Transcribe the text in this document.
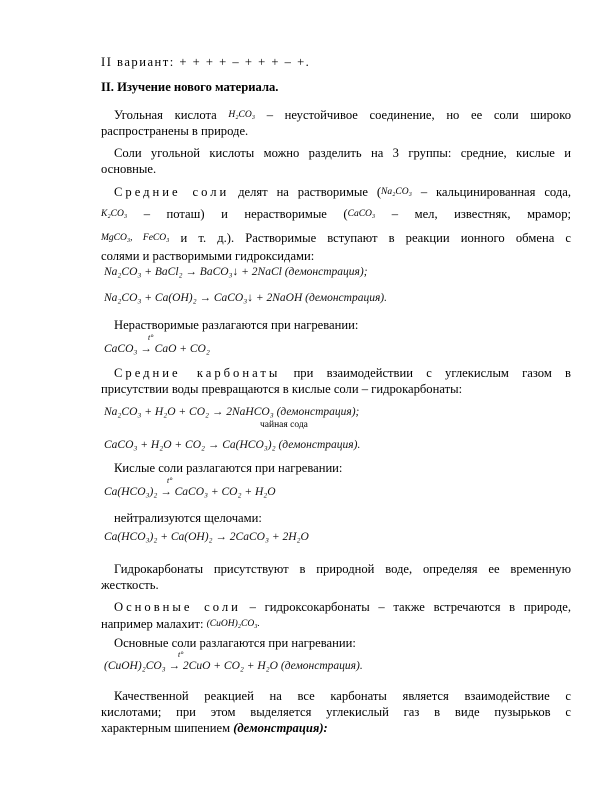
II вариант: + + + + – + + + – +.
II. Изучение нового материала.
Угольная кислота H₂CO₃ – неустойчивое соединение, но ее соли широко
распространены в природе.
Соли угольной кислоты можно разделить на 3 группы: средние, кислые и
основные.
Средние соли делят на растворимые (Na₂CO₃ – кальцинированная сода,
K₂CO₃ – поташ) и нерастворимые (CaCO₃ – мел, известняк, мрамор;
MgCO₃, FeCO₃ и т. д.). Растворимые вступают в реакции ионного обмена с
солями и растворимыми гидроксидами:
Na₂CO₃ + BaCl₂ → BaCO₃↓ + 2NaCl (демонстрация);
Na₂CO₃ + Ca(OH)₂ → CaCO₃↓ + 2NaOH (демонстрация).
Нерастворимые разлагаются при нагревании:
CaCO₃ → CaO + CO₂
t°
Средние карбонаты при взаимодействии с углекислым газом в
присутствии воды превращаются в кислые соли – гидрокарбонаты:
Na₂CO₃ + H₂O + CO₂ → 2NaHCO₃ (демонстрация);
чайная сода
CaCO₃ + H₂O + CO₂ → Ca(HCO₃)₂ (демонстрация).
Кислые соли разлагаются при нагревании:
Ca(HCO₃)₂ → CaCO₃ + CO₂ + H₂O
t°
нейтрализуются щелочами:
Ca(HCO₃)₂ + Ca(OH)₂ → 2CaCO₃ + 2H₂O
Гидрокарбонаты присутствуют в природной воде, определяя ее временную
жесткость.
Основные соли – гидроксокарбонаты – также встречаются в природе,
например малахит: (CuOH)₂CO₃.
Основные соли разлагаются при нагревании:
(CuOH)₂CO₃ → 2CuO + CO₂ + H₂O (демонстрация).
t°
Качественной реакцией на все карбонаты является взаимодействие с
кислотами; при этом выделяется углекислый газ в виде пузырьков с
характерным шипением (демонстрация):
